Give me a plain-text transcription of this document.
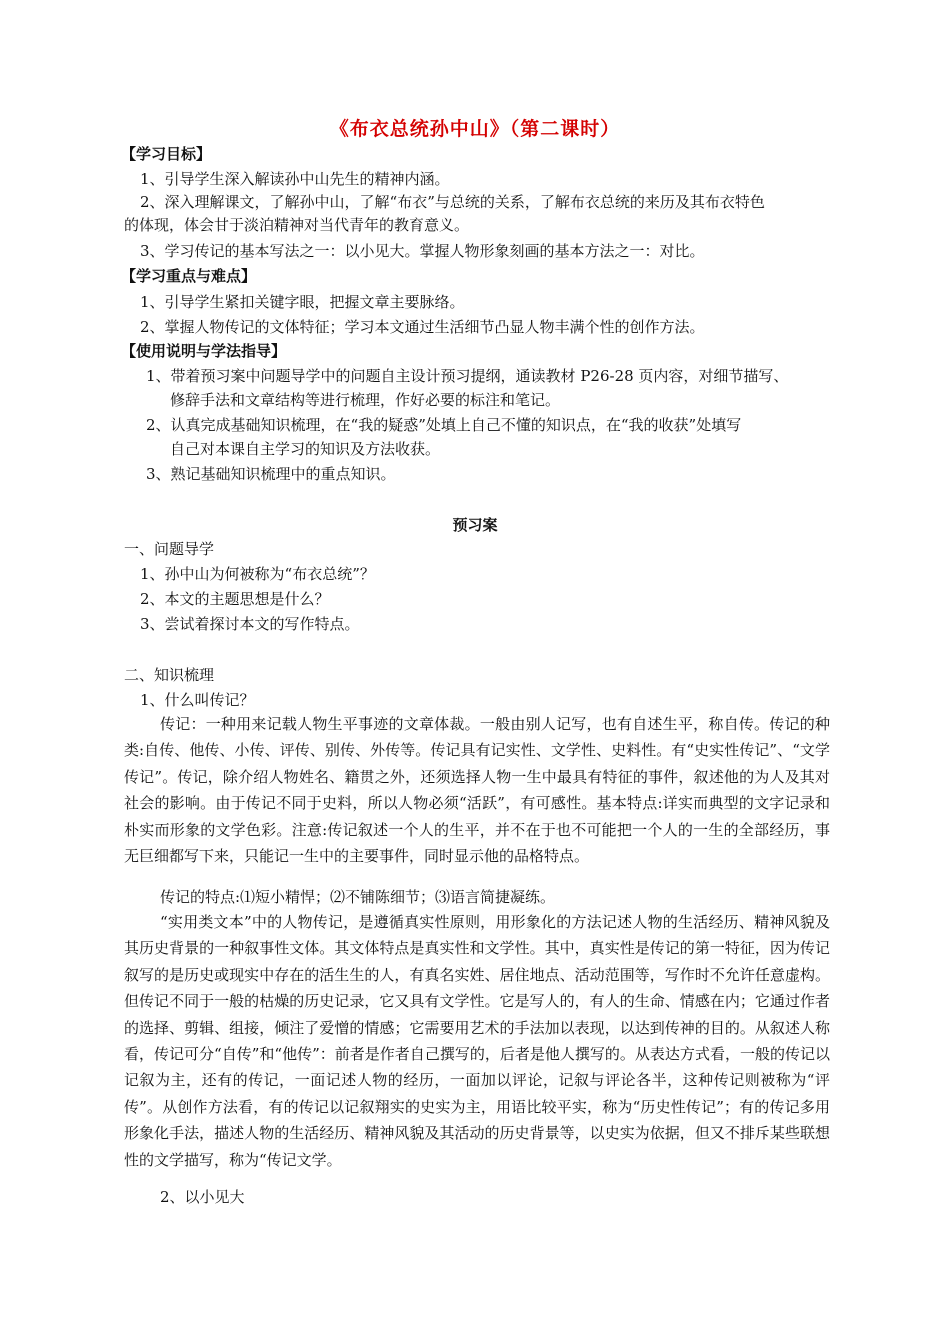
《布衣总统孙中山》（第二课时）
【学习目标】
1、引导学生深入解读孙中山先生的精神内涵。
2、深入理解课文，了解孙中山，了解“布衣”与总统的关系，了解布衣总统的来历及其布衣特色
的体现，体会甘于淡泊精神对当代青年的教育意义。
3、学习传记的基本写法之一：以小见大。掌握人物形象刻画的基本方法之一：对比。
【学习重点与难点】
1、引导学生紧扣关键字眼，把握文章主要脉络。
2、掌握人物传记的文体特征；学习本文通过生活细节凸显人物丰满个性的创作方法。
【使用说明与学法指导】
1、带着预习案中问题导学中的问题自主设计预习提纲，通读教材 P26-28 页内容，对细节描写、
修辞手法和文章结构等进行梳理，作好必要的标注和笔记。
2、认真完成基础知识梳理，在“我的疑惑”处填上自己不懂的知识点，在“我的收获”处填写
自己对本课自主学习的知识及方法收获。
3、熟记基础知识梳理中的重点知识。
预习案
一、问题导学
1、孙中山为何被称为“布衣总统”？
2、本文的主题思想是什么？
3、尝试着探讨本文的写作特点。
二、知识梳理
1、什么叫传记？
传记：一种用来记载人物生平事迹的文章体裁。一般由别人记写，也有自述生平，称自传。传记的种类:自传、他传、小传、评传、别传、外传等。传记具有记实性、文学性、史料性。有“史实性传记”、“文学传记”。传记，除介绍人物姓名、籍贯之外，还须选择人物一生中最具有特征的事件，叙述他的为人及其对社会的影响。由于传记不同于史料，所以人物必须“活跃”，有可感性。基本特点:详实而典型的文字记录和朴实而形象的文学色彩。注意:传记叙述一个人的生平，并不在于也不可能把一个人的一生的全部经历，事无巨细都写下来，只能记一生中的主要事件，同时显示他的品格特点。
传记的特点:⑴短小精悍；⑵不铺陈细节；⑶语言简捷凝练。
“实用类文本”中的人物传记，是遵循真实性原则，用形象化的方法记述人物的生活经历、精神风貌及其历史背景的一种叙事性文体。其文体特点是真实性和文学性。其中，真实性是传记的第一特征，因为传记叙写的是历史或现实中存在的活生生的人，有真名实姓、居住地点、活动范围等，写作时不允许任意虚构。但传记不同于一般的枯燥的历史记录，它又具有文学性。它是写人的，有人的生命、情感在内；它通过作者的选择、剪辑、组接，倾注了爱憎的情感；它需要用艺术的手法加以表现，以达到传神的目的。从叙述人称看，传记可分“自传”和“他传”：前者是作者自己撰写的，后者是他人撰写的。从表达方式看，一般的传记以记叙为主，还有的传记，一面记述人物的经历，一面加以评论，记叙与评论各半，这种传记则被称为“评传”。从创作方法看，有的传记以记叙翔实的史实为主，用语比较平实，称为“历史性传记”；有的传记多用形象化手法，描述人物的生活经历、精神风貌及其活动的历史背景等，以史实为依据，但又不排斥某些联想性的文学描写，称为“传记文学。
2、以小见大
